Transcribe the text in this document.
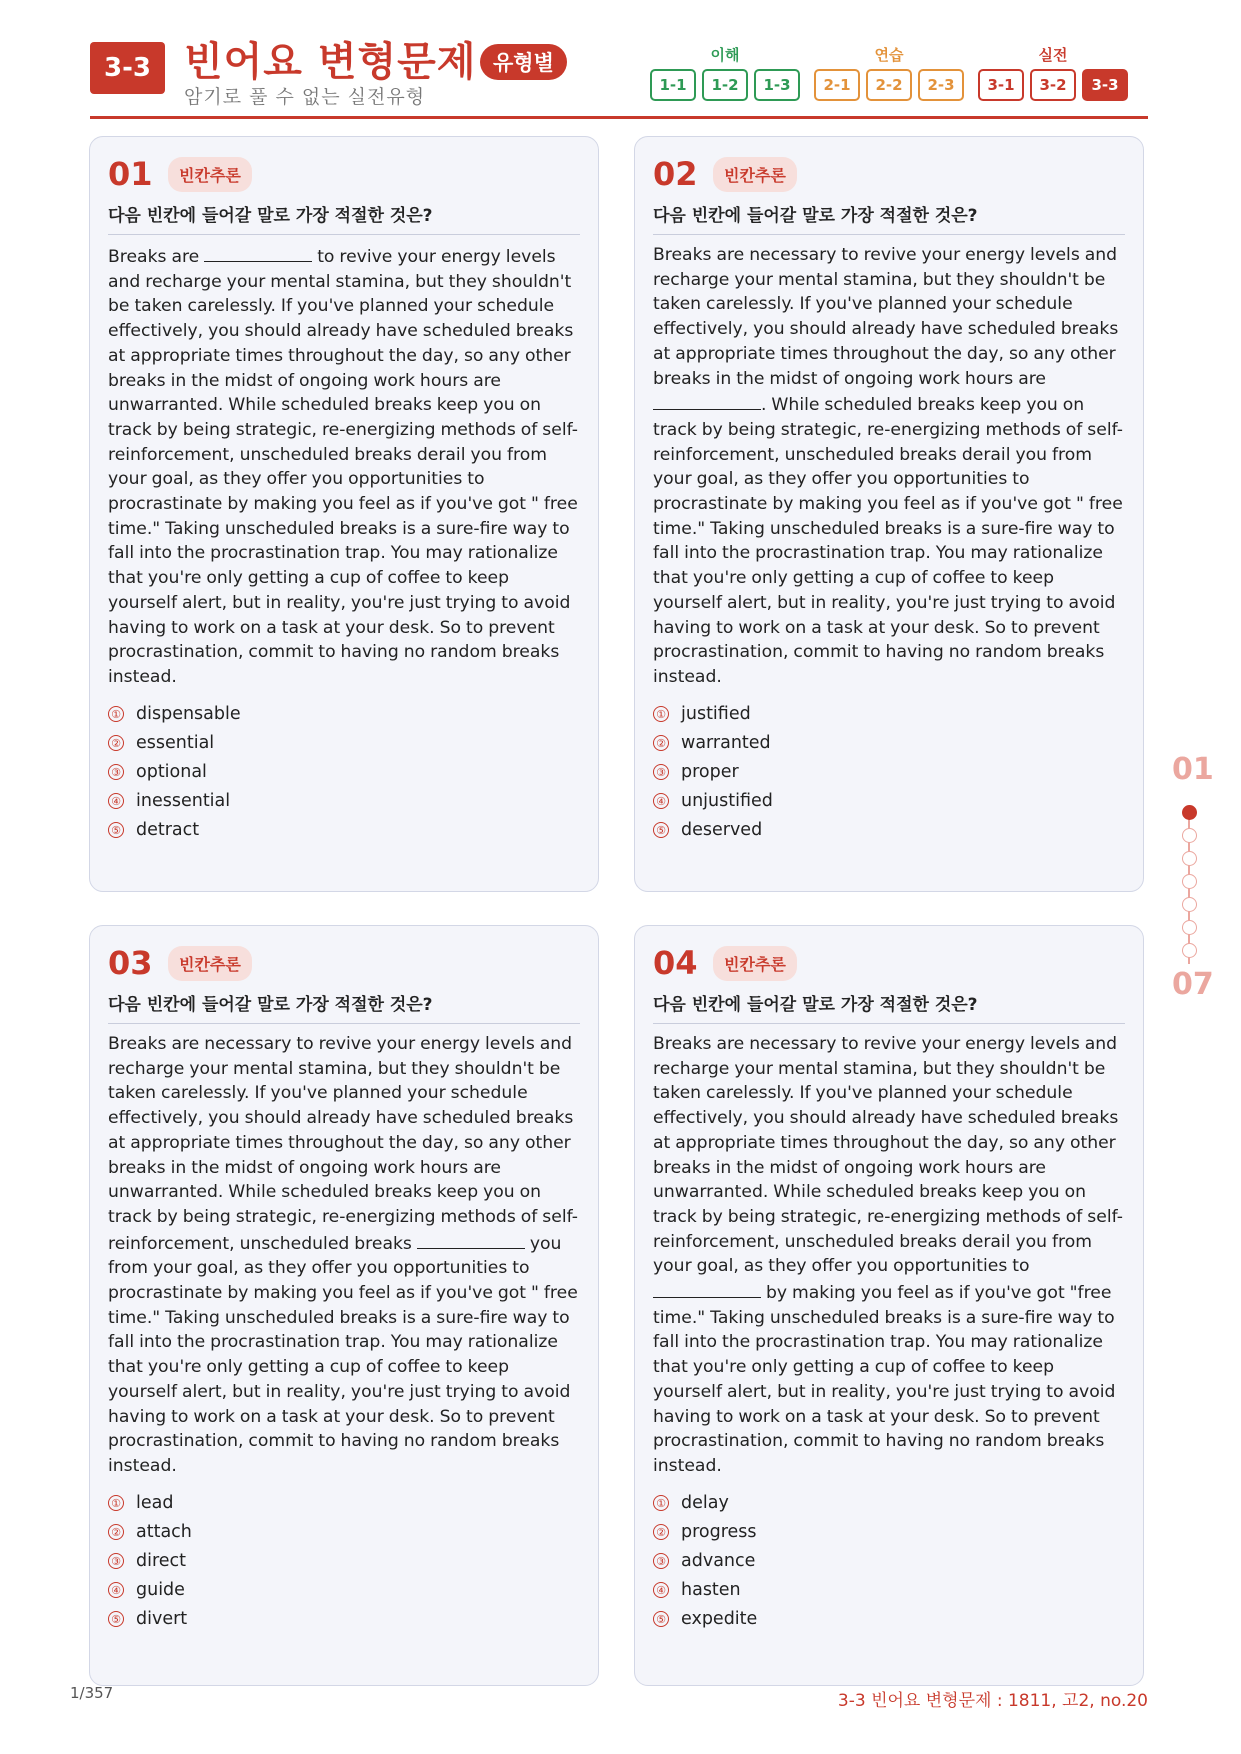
3-3 빈어요 변형문제 유형별
암기로 풀 수 없는 실전유형
이해
1-1	1-2	1-3
연습
2-1	2-2	2-3
실전
3-1	3-2	3-3
01	빈칸추론
다음 빈칸에 들어갈 말로 가장 적절한 것은?
Breaks are	to revive your energy levels and recharge your mental stamina, but they shouldn't be taken carelessly. If you've planned your schedule effectively, you should already have scheduled breaks at appropriate times throughout the day, so any other breaks in the midst of ongoing work hours are unwarranted. While scheduled breaks keep you on track by being strategic, re-energizing methods of self-reinforcement, unscheduled breaks derail you from your goal, as they offer you opportunities to procrastinate by making you feel as if you've got " free time." Taking unscheduled breaks is a sure-fire way to fall into the procrastination trap. You may rationalize that you're only getting a cup of coffee to keep yourself alert, but in reality, you're just trying to avoid having to work on a task at your desk. So to prevent procrastination, commit to having no random breaks instead.
① dispensable
② essential
③ optional
④ inessential
⑤ detract
02	빈칸추론
다음 빈칸에 들어갈 말로 가장 적절한 것은?
Breaks are necessary to revive your energy levels and recharge your mental stamina, but they shouldn't be taken carelessly. If you've planned your schedule effectively, you should already have scheduled breaks at appropriate times throughout the day, so any other breaks in the midst of ongoing work hours are . While scheduled breaks keep you on track by being strategic, re-energizing methods of self-reinforcement, unscheduled breaks derail you from your goal, as they offer you opportunities to procrastinate by making you feel as if you've got " free time." Taking unscheduled breaks is a sure-fire way to fall into the procrastination trap. You may rationalize that you're only getting a cup of coffee to keep yourself alert, but in reality, you're just trying to avoid having to work on a task at your desk. So to prevent procrastination, commit to having no random breaks instead.
① justified
② warranted
③ proper
④ unjustified
⑤ deserved
03	빈칸추론
다음 빈칸에 들어갈 말로 가장 적절한 것은?
Breaks are necessary to revive your energy levels and recharge your mental stamina, but they shouldn't be taken carelessly. If you've planned your schedule effectively, you should already have scheduled breaks at appropriate times throughout the day, so any other breaks in the midst of ongoing work hours are unwarranted. While scheduled breaks keep you on track by being strategic, re-energizing methods of self-reinforcement, unscheduled breaks	you from your goal, as they offer you opportunities to procrastinate by making you feel as if you've got " free time." Taking unscheduled breaks is a sure-fire way to fall into the procrastination trap. You may rationalize that you're only getting a cup of coffee to keep yourself alert, but in reality, you're just trying to avoid having to work on a task at your desk. So to prevent procrastination, commit to having no random breaks instead.
① lead
② attach
③ direct
④ guide
⑤ divert
04	빈칸추론
다음 빈칸에 들어갈 말로 가장 적절한 것은?
Breaks are necessary to revive your energy levels and recharge your mental stamina, but they shouldn't be taken carelessly. If you've planned your schedule effectively, you should already have scheduled breaks at appropriate times throughout the day, so any other breaks in the midst of ongoing work hours are unwarranted. While scheduled breaks keep you on track by being strategic, re-energizing methods of self-reinforcement, unscheduled breaks derail you from your goal, as they offer you opportunities to  by making you feel as if you've got "free time." Taking unscheduled breaks is a sure-fire way to fall into the procrastination trap. You may rationalize that you're only getting a cup of coffee to keep yourself alert, but in reality, you're just trying to avoid having to work on a task at your desk. So to prevent procrastination, commit to having no random breaks instead.
① delay
② progress
③ advance
④ hasten
⑤ expedite
01
07
1/357	3-3 빈어요 변형문제 : 1811, 고2, no.20
